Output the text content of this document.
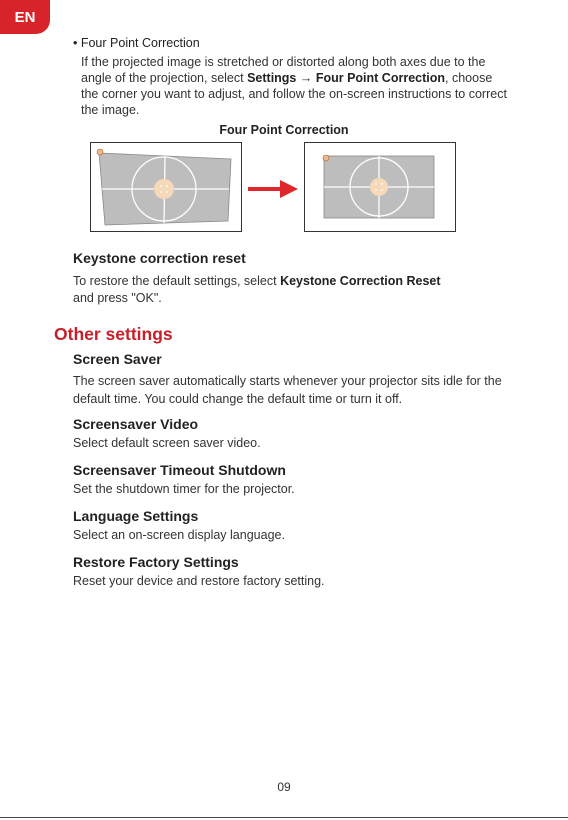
EN
• Four Point Correction
If the projected image is stretched or distorted along both axes due to the angle of the projection, select Settings → Four Point Correction, choose the corner you want to adjust, and follow the on-screen instructions to correct the image.
Four Point Correction
Keystone correction reset
To restore the default settings, select Keystone Correction Reset
and press "OK".
Other settings
Screen Saver
The screen saver automatically starts whenever your projector sits idle for the default time. You could change the default time or turn it off.
Screensaver Video
Select default screen saver video.
Screensaver Timeout Shutdown
Set the shutdown timer for the projector.
Language Settings
Select an on-screen display language.
Restore Factory Settings
Reset your device and restore factory setting.
09
